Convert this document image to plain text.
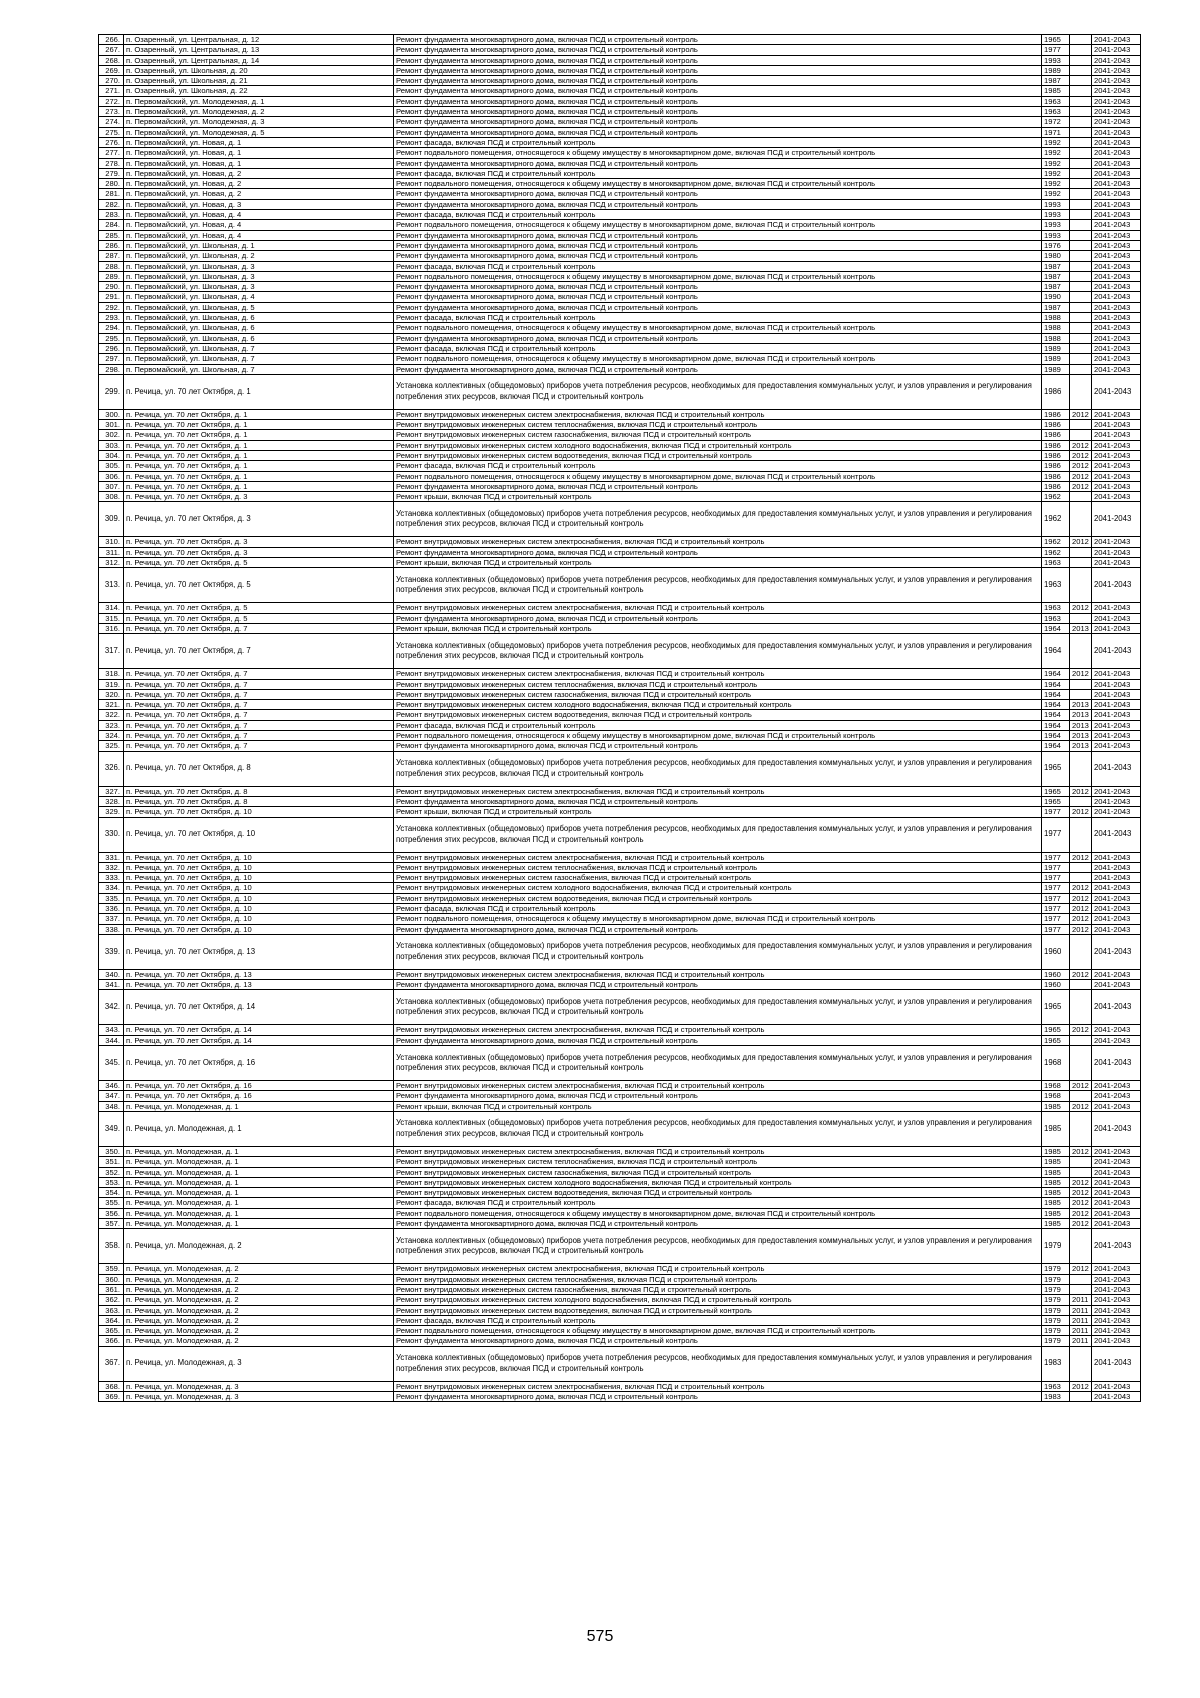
266.	п. Озаренный, ул. Центральная, д. 12	Ремонт фундамента многоквартирного дома, включая ПСД и строительный контроль	1965		2041-2043	
267.	п. Озаренный, ул. Центральная, д. 13	Ремонт фундамента многоквартирного дома, включая ПСД и строительный контроль	1977		2041-2043	
268.	п. Озаренный, ул. Центральная, д. 14	Ремонт фундамента многоквартирного дома, включая ПСД и строительный контроль	1993		2041-2043	
269.	п. Озаренный, ул. Школьная, д. 20	Ремонт фундамента многоквартирного дома, включая ПСД и строительный контроль	1989		2041-2043	
270.	п. Озаренный, ул. Школьная, д. 21	Ремонт фундамента многоквартирного дома, включая ПСД и строительный контроль	1987		2041-2043	
271.	п. Озаренный, ул. Школьная, д. 22	Ремонт фундамента многоквартирного дома, включая ПСД и строительный контроль	1985		2041-2043	
272.	п. Первомайский, ул. Молодежная, д. 1	Ремонт фундамента многоквартирного дома, включая ПСД и строительный контроль	1963		2041-2043	
273.	п. Первомайский, ул. Молодежная, д. 2	Ремонт фундамента многоквартирного дома, включая ПСД и строительный контроль	1963		2041-2043	
274.	п. Первомайский, ул. Молодежная, д. 3	Ремонт фундамента многоквартирного дома, включая ПСД и строительный контроль	1972		2041-2043	
275.	п. Первомайский, ул. Молодежная, д. 5	Ремонт фундамента многоквартирного дома, включая ПСД и строительный контроль	1971		2041-2043	
276.	п. Первомайский, ул. Новая, д. 1	Ремонт фасада, включая ПСД и строительный контроль	1992		2041-2043	
277.	п. Первомайский, ул. Новая, д. 1	Ремонт подвального помещения, относящегося к общему имуществу в многоквартирном доме, включая ПСД и строительный контроль	1992		2041-2043	
278.	п. Первомайский, ул. Новая, д. 1	Ремонт фундамента многоквартирного дома, включая ПСД и строительный контроль	1992		2041-2043	
279.	п. Первомайский, ул. Новая, д. 2	Ремонт фасада, включая ПСД и строительный контроль	1992		2041-2043	
280.	п. Первомайский, ул. Новая, д. 2	Ремонт подвального помещения, относящегося к общему имуществу в многоквартирном доме, включая ПСД и строительный контроль	1992		2041-2043	
281.	п. Первомайский, ул. Новая, д. 2	Ремонт фундамента многоквартирного дома, включая ПСД и строительный контроль	1992		2041-2043	
282.	п. Первомайский, ул. Новая, д. 3	Ремонт фундамента многоквартирного дома, включая ПСД и строительный контроль	1993		2041-2043	
283.	п. Первомайский, ул. Новая, д. 4	Ремонт фасада, включая ПСД и строительный контроль	1993		2041-2043	
284.	п. Первомайский, ул. Новая, д. 4	Ремонт подвального помещения, относящегося к общему имуществу в многоквартирном доме, включая ПСД и строительный контроль	1993		2041-2043	
285.	п. Первомайский, ул. Новая, д. 4	Ремонт фундамента многоквартирного дома, включая ПСД и строительный контроль	1993		2041-2043	
286.	п. Первомайский, ул. Школьная, д. 1	Ремонт фундамента многоквартирного дома, включая ПСД и строительный контроль	1976		2041-2043	
287.	п. Первомайский, ул. Школьная, д. 2	Ремонт фундамента многоквартирного дома, включая ПСД и строительный контроль	1980		2041-2043	
288.	п. Первомайский, ул. Школьная, д. 3	Ремонт фасада, включая ПСД и строительный контроль	1987		2041-2043	
289.	п. Первомайский, ул. Школьная, д. 3	Ремонт подвального помещения, относящегося к общему имуществу в многоквартирном доме, включая ПСД и строительный контроль	1987		2041-2043	
290.	п. Первомайский, ул. Школьная, д. 3	Ремонт фундамента многоквартирного дома, включая ПСД и строительный контроль	1987		2041-2043	
291.	п. Первомайский, ул. Школьная, д. 4	Ремонт фундамента многоквартирного дома, включая ПСД и строительный контроль	1990		2041-2043	
292.	п. Первомайский, ул. Школьная, д. 5	Ремонт фундамента многоквартирного дома, включая ПСД и строительный контроль	1987		2041-2043	
293.	п. Первомайский, ул. Школьная, д. 6	Ремонт фасада, включая ПСД и строительный контроль	1988		2041-2043	
294.	п. Первомайский, ул. Школьная, д. 6	Ремонт подвального помещения, относящегося к общему имуществу в многоквартирном доме, включая ПСД и строительный контроль	1988		2041-2043	
295.	п. Первомайский, ул. Школьная, д. 6	Ремонт фундамента многоквартирного дома, включая ПСД и строительный контроль	1988		2041-2043	
296.	п. Первомайский, ул. Школьная, д. 7	Ремонт фасада, включая ПСД и строительный контроль	1989		2041-2043	
297.	п. Первомайский, ул. Школьная, д. 7	Ремонт подвального помещения, относящегося к общему имуществу в многоквартирном доме, включая ПСД и строительный контроль	1989		2041-2043	
298.	п. Первомайский, ул. Школьная, д. 7	Ремонт фундамента многоквартирного дома, включая ПСД и строительный контроль	1989		2041-2043	
299.	п. Речица, ул. 70 лет Октября, д. 1	Установка коллективных (общедомовых) приборов учета потребления ресурсов, необходимых для предоставления коммунальных услуг, и узлов управления и регулирования потребления этих ресурсов, включая ПСД и строительный контроль	1986		2041-2043	
300.	п. Речица, ул. 70 лет Октября, д. 1	Ремонт внутридомовых инженерных систем электроснабжения, включая ПСД и строительный контроль	1986	2012	2041-2043	
301.	п. Речица, ул. 70 лет Октября, д. 1	Ремонт внутридомовых инженерных систем теплоснабжения, включая ПСД и строительный контроль	1986		2041-2043	
302.	п. Речица, ул. 70 лет Октября, д. 1	Ремонт внутридомовых инженерных систем газоснабжения, включая ПСД и строительный контроль	1986		2041-2043	
303.	п. Речица, ул. 70 лет Октября, д. 1	Ремонт внутридомовых инженерных систем холодного водоснабжения, включая ПСД и строительный контроль	1986	2012	2041-2043	
304.	п. Речица, ул. 70 лет Октября, д. 1	Ремонт внутридомовых инженерных систем водоотведения, включая ПСД и строительный контроль	1986	2012	2041-2043	
305.	п. Речица, ул. 70 лет Октября, д. 1	Ремонт фасада, включая ПСД и строительный контроль	1986	2012	2041-2043	
306.	п. Речица, ул. 70 лет Октября, д. 1	Ремонт подвального помещения, относящегося к общему имуществу в многоквартирном доме, включая ПСД и строительный контроль	1986	2012	2041-2043	
307.	п. Речица, ул. 70 лет Октября, д. 1	Ремонт фундамента многоквартирного дома, включая ПСД и строительный контроль	1986	2012	2041-2043	
308.	п. Речица, ул. 70 лет Октября, д. 3	Ремонт крыши, включая ПСД и строительный контроль	1962		2041-2043	
309.	п. Речица, ул. 70 лет Октября, д. 3	Установка коллективных (общедомовых) приборов учета потребления ресурсов, необходимых для предоставления коммунальных услуг, и узлов управления и регулирования потребления этих ресурсов, включая ПСД и строительный контроль	1962		2041-2043	
310.	п. Речица, ул. 70 лет Октября, д. 3	Ремонт внутридомовых инженерных систем электроснабжения, включая ПСД и строительный контроль	1962	2012	2041-2043	
311.	п. Речица, ул. 70 лет Октября, д. 3	Ремонт фундамента многоквартирного дома, включая ПСД и строительный контроль	1962		2041-2043	
312.	п. Речица, ул. 70 лет Октября, д. 5	Ремонт крыши, включая ПСД и строительный контроль	1963		2041-2043	
313.	п. Речица, ул. 70 лет Октября, д. 5	Установка коллективных (общедомовых) приборов учета потребления ресурсов, необходимых для предоставления коммунальных услуг, и узлов управления и регулирования потребления этих ресурсов, включая ПСД и строительный контроль	1963		2041-2043	
314.	п. Речица, ул. 70 лет Октября, д. 5	Ремонт внутридомовых инженерных систем электроснабжения, включая ПСД и строительный контроль	1963	2012	2041-2043	
315.	п. Речица, ул. 70 лет Октября, д. 5	Ремонт фундамента многоквартирного дома, включая ПСД и строительный контроль	1963		2041-2043	
316.	п. Речица, ул. 70 лет Октября, д. 7	Ремонт крыши, включая ПСД и строительный контроль	1964	2013	2041-2043	
317.	п. Речица, ул. 70 лет Октября, д. 7	Установка коллективных (общедомовых) приборов учета потребления ресурсов, необходимых для предоставления коммунальных услуг, и узлов управления и регулирования потребления этих ресурсов, включая ПСД и строительный контроль	1964		2041-2043	
318.	п. Речица, ул. 70 лет Октября, д. 7	Ремонт внутридомовых инженерных систем электроснабжения, включая ПСД и строительный контроль	1964	2012	2041-2043	
319.	п. Речица, ул. 70 лет Октября, д. 7	Ремонт внутридомовых инженерных систем теплоснабжения, включая ПСД и строительный контроль	1964		2041-2043	
320.	п. Речица, ул. 70 лет Октября, д. 7	Ремонт внутридомовых инженерных систем газоснабжения, включая ПСД и строительный контроль	1964		2041-2043	
321.	п. Речица, ул. 70 лет Октября, д. 7	Ремонт внутридомовых инженерных систем холодного водоснабжения, включая ПСД и строительный контроль	1964	2013	2041-2043	
322.	п. Речица, ул. 70 лет Октября, д. 7	Ремонт внутридомовых инженерных систем водоотведения, включая ПСД и строительный контроль	1964	2013	2041-2043	
323.	п. Речица, ул. 70 лет Октября, д. 7	Ремонт фасада, включая ПСД и строительный контроль	1964	2013	2041-2043	
324.	п. Речица, ул. 70 лет Октября, д. 7	Ремонт подвального помещения, относящегося к общему имуществу в многоквартирном доме, включая ПСД и строительный контроль	1964	2013	2041-2043	
325.	п. Речица, ул. 70 лет Октября, д. 7	Ремонт фундамента многоквартирного дома, включая ПСД и строительный контроль	1964	2013	2041-2043	
326.	п. Речица, ул. 70 лет Октября, д. 8	Установка коллективных (общедомовых) приборов учета потребления ресурсов, необходимых для предоставления коммунальных услуг, и узлов управления и регулирования потребления этих ресурсов, включая ПСД и строительный контроль	1965		2041-2043	
327.	п. Речица, ул. 70 лет Октября, д. 8	Ремонт внутридомовых инженерных систем электроснабжения, включая ПСД и строительный контроль	1965	2012	2041-2043	
328.	п. Речица, ул. 70 лет Октября, д. 8	Ремонт фундамента многоквартирного дома, включая ПСД и строительный контроль	1965		2041-2043	
329.	п. Речица, ул. 70 лет Октября, д. 10	Ремонт крыши, включая ПСД и строительный контроль	1977	2012	2041-2043	
330.	п. Речица, ул. 70 лет Октября, д. 10	Установка коллективных (общедомовых) приборов учета потребления ресурсов, необходимых для предоставления коммунальных услуг, и узлов управления и регулирования потребления этих ресурсов, включая ПСД и строительный контроль	1977		2041-2043	
331.	п. Речица, ул. 70 лет Октября, д. 10	Ремонт внутридомовых инженерных систем электроснабжения, включая ПСД и строительный контроль	1977	2012	2041-2043	
332.	п. Речица, ул. 70 лет Октября, д. 10	Ремонт внутридомовых инженерных систем теплоснабжения, включая ПСД и строительный контроль	1977		2041-2043	
333.	п. Речица, ул. 70 лет Октября, д. 10	Ремонт внутридомовых инженерных систем газоснабжения, включая ПСД и строительный контроль	1977		2041-2043	
334.	п. Речица, ул. 70 лет Октября, д. 10	Ремонт внутридомовых инженерных систем холодного водоснабжения, включая ПСД и строительный контроль	1977	2012	2041-2043	
335.	п. Речица, ул. 70 лет Октября, д. 10	Ремонт внутридомовых инженерных систем водоотведения, включая ПСД и строительный контроль	1977	2012	2041-2043	
336.	п. Речица, ул. 70 лет Октября, д. 10	Ремонт фасада, включая ПСД и строительный контроль	1977	2012	2041-2043	
337.	п. Речица, ул. 70 лет Октября, д. 10	Ремонт подвального помещения, относящегося к общему имуществу в многоквартирном доме, включая ПСД и строительный контроль	1977	2012	2041-2043	
338.	п. Речица, ул. 70 лет Октября, д. 10	Ремонт фундамента многоквартирного дома, включая ПСД и строительный контроль	1977	2012	2041-2043	
339.	п. Речица, ул. 70 лет Октября, д. 13	Установка коллективных (общедомовых) приборов учета потребления ресурсов, необходимых для предоставления коммунальных услуг, и узлов управления и регулирования потребления этих ресурсов, включая ПСД и строительный контроль	1960		2041-2043	
340.	п. Речица, ул. 70 лет Октября, д. 13	Ремонт внутридомовых инженерных систем электроснабжения, включая ПСД и строительный контроль	1960	2012	2041-2043	
341.	п. Речица, ул. 70 лет Октября, д. 13	Ремонт фундамента многоквартирного дома, включая ПСД и строительный контроль	1960		2041-2043	
342.	п. Речица, ул. 70 лет Октября, д. 14	Установка коллективных (общедомовых) приборов учета потребления ресурсов, необходимых для предоставления коммунальных услуг, и узлов управления и регулирования потребления этих ресурсов, включая ПСД и строительный контроль	1965		2041-2043	
343.	п. Речица, ул. 70 лет Октября, д. 14	Ремонт внутридомовых инженерных систем электроснабжения, включая ПСД и строительный контроль	1965	2012	2041-2043	
344.	п. Речица, ул. 70 лет Октября, д. 14	Ремонт фундамента многоквартирного дома, включая ПСД и строительный контроль	1965		2041-2043	
345.	п. Речица, ул. 70 лет Октября, д. 16	Установка коллективных (общедомовых) приборов учета потребления ресурсов, необходимых для предоставления коммунальных услуг, и узлов управления и регулирования потребления этих ресурсов, включая ПСД и строительный контроль	1968		2041-2043	
346.	п. Речица, ул. 70 лет Октября, д. 16	Ремонт внутридомовых инженерных систем электроснабжения, включая ПСД и строительный контроль	1968	2012	2041-2043	
347.	п. Речица, ул. 70 лет Октября, д. 16	Ремонт фундамента многоквартирного дома, включая ПСД и строительный контроль	1968		2041-2043	
348.	п. Речица, ул. Молодежная, д. 1	Ремонт крыши, включая ПСД и строительный контроль	1985	2012	2041-2043	
349.	п. Речица, ул. Молодежная, д. 1	Установка коллективных (общедомовых) приборов учета потребления ресурсов, необходимых для предоставления коммунальных услуг, и узлов управления и регулирования потребления этих ресурсов, включая ПСД и строительный контроль	1985		2041-2043	
350.	п. Речица, ул. Молодежная, д. 1	Ремонт внутридомовых инженерных систем электроснабжения, включая ПСД и строительный контроль	1985	2012	2041-2043	
351.	п. Речица, ул. Молодежная, д. 1	Ремонт внутридомовых инженерных систем теплоснабжения, включая ПСД и строительный контроль	1985		2041-2043	
352.	п. Речица, ул. Молодежная, д. 1	Ремонт внутридомовых инженерных систем газоснабжения, включая ПСД и строительный контроль	1985		2041-2043	
353.	п. Речица, ул. Молодежная, д. 1	Ремонт внутридомовых инженерных систем холодного водоснабжения, включая ПСД и строительный контроль	1985	2012	2041-2043	
354.	п. Речица, ул. Молодежная, д. 1	Ремонт внутридомовых инженерных систем водоотведения, включая ПСД и строительный контроль	1985	2012	2041-2043	
355.	п. Речица, ул. Молодежная, д. 1	Ремонт фасада, включая ПСД и строительный контроль	1985	2012	2041-2043	
356.	п. Речица, ул. Молодежная, д. 1	Ремонт подвального помещения, относящегося к общему имуществу в многоквартирном доме, включая ПСД и строительный контроль	1985	2012	2041-2043	
357.	п. Речица, ул. Молодежная, д. 1	Ремонт фундамента многоквартирного дома, включая ПСД и строительный контроль	1985	2012	2041-2043	
358.	п. Речица, ул. Молодежная, д. 2	Установка коллективных (общедомовых) приборов учета потребления ресурсов, необходимых для предоставления коммунальных услуг, и узлов управления и регулирования потребления этих ресурсов, включая ПСД и строительный контроль	1979		2041-2043	
359.	п. Речица, ул. Молодежная, д. 2	Ремонт внутридомовых инженерных систем электроснабжения, включая ПСД и строительный контроль	1979	2012	2041-2043	
360.	п. Речица, ул. Молодежная, д. 2	Ремонт внутридомовых инженерных систем теплоснабжения, включая ПСД и строительный контроль	1979		2041-2043	
361.	п. Речица, ул. Молодежная, д. 2	Ремонт внутридомовых инженерных систем газоснабжения, включая ПСД и строительный контроль	1979		2041-2043	
362.	п. Речица, ул. Молодежная, д. 2	Ремонт внутридомовых инженерных систем холодного водоснабжения, включая ПСД и строительный контроль	1979	2011	2041-2043	
363.	п. Речица, ул. Молодежная, д. 2	Ремонт внутридомовых инженерных систем водоотведения, включая ПСД и строительный контроль	1979	2011	2041-2043	
364.	п. Речица, ул. Молодежная, д. 2	Ремонт фасада, включая ПСД и строительный контроль	1979	2011	2041-2043	
365.	п. Речица, ул. Молодежная, д. 2	Ремонт подвального помещения, относящегося к общему имуществу в многоквартирном доме, включая ПСД и строительный контроль	1979	2011	2041-2043	
366.	п. Речица, ул. Молодежная, д. 2	Ремонт фундамента многоквартирного дома, включая ПСД и строительный контроль	1979	2011	2041-2043	
367.	п. Речица, ул. Молодежная, д. 3	Установка коллективных (общедомовых) приборов учета потребления ресурсов, необходимых для предоставления коммунальных услуг, и узлов управления и регулирования потребления этих ресурсов, включая ПСД и строительный контроль	1983		2041-2043	
368.	п. Речица, ул. Молодежная, д. 3	Ремонт внутридомовых инженерных систем электроснабжения, включая ПСД и строительный контроль	1963	2012	2041-2043	
369.	п. Речица, ул. Молодежная, д. 3	Ремонт фундамента многоквартирного дома, включая ПСД и строительный контроль	1983		2041-2043	
575
